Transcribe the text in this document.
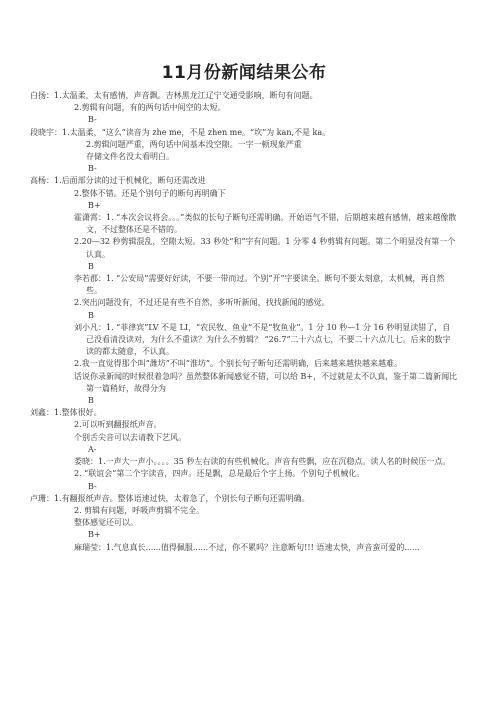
11月份新闻结果公布
白扬：1.太温柔，太有感情，声音飘。吉林黑龙江辽宁交通受影响，断句有问题。
2.剪辑有问题，有的两句话中间空的太短。
B-
段晓宇：1.太温柔，“这么”读音为 zhe me，不是 zhen me。“坎”为 kan,不是 ka。
2.剪辑问题严重，两句话中间基本没空隙。一字一顿现象严重
存储文件名没太看明白。
B-
高杨：1.后面部分读的过于机械化，断句还需改进
2.整体不错。还是个别句子的断句再明确下
B+
霍潇霄：1. “本次会议将会。。。”类似的长句子断句还需明确。开始语气不错，后期越来越有感情，越来越像散文，不过整体还是不错的。
2.20—32 秒剪辑混乱，空隙太短。33 秒处“和”字有问题。1 分零 4 秒剪辑有问题。第二个明显没有第一个认真。
B
李若郡：1. “公安局”需要好好读，不要一带而过。个别“开”字要读全。断句不要太刻意，太机械，再自然些。
2.突出问题没有，不过还是有些不自然，多听听新闻，找找新闻的感觉。
B
刘小凡：1. “菲律宾”LV 不是 LI，“农民牧、鱼业”不是“牧鱼业”。1 分 10 秒—1 分 16 秒明显读错了，自己没看清没读对，为什么不重读？为什么不剪辑？ “26.7”二十六点七，不要二十六点儿七。后来的数字读的都太随意，不认真。
2.我一直觉得那个叫“潍坊”不叫“淮坊”。个别长句子断句还需明确，后来越来越快越来越难。
话说你录新闻的时候很着急吗？虽然整体新闻感觉不错，可以给 B+，不过就是太不认真，鉴于第二篇新闻比第一篇稍好，故得分为
B
刘鑫：1.整体很好。
2.可以听到翻报纸声音。
个别舌尖音可以去请教下艺风。
A-
娄晓：1.一声大一声小。。。。35 秒左右读的有些机械化。声音有些飘，应在沉稳点。读人名的时候压一点。
2. “联谊会”第二个字读音，四声。还是飘，总是最后个字上扬。个别句子机械化。
B-
卢珊：1.有翻报纸声音。整体语速过快，太着急了，个别长句子断句还需明确。
2. 剪辑有问题，呼吸声剪辑不完全。
整体感觉还可以。
B+
麻瑞莹：1.气息真长......值得佩服......不过，你不累吗？注意断句!!! 语速太快，声音蛮可爱的......
